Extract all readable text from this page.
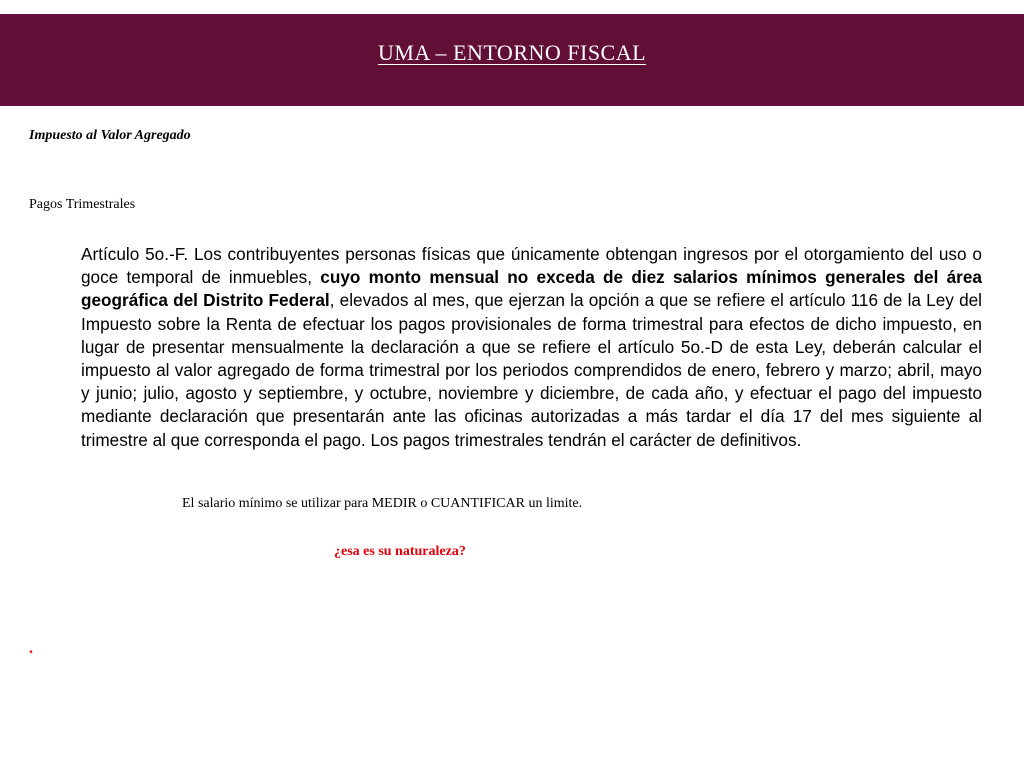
UMA – ENTORNO FISCAL
Impuesto al Valor Agregado
Pagos Trimestrales

Artículo 5o.-F. Los contribuyentes personas físicas que únicamente obtengan ingresos por el otorgamiento del uso o goce temporal de inmuebles, cuyo monto mensual no exceda de diez salarios mínimos generales del área geográfica del Distrito Federal, elevados al mes, que ejerzan la opción a que se refiere el artículo 116 de la Ley del Impuesto sobre la Renta de efectuar los pagos provisionales de forma trimestral para efectos de dicho impuesto, en lugar de presentar mensualmente la declaración a que se refiere el artículo 5o.-D de esta Ley, deberán calcular el impuesto al valor agregado de forma trimestral por los periodos comprendidos de enero, febrero y marzo; abril, mayo y junio; julio, agosto y septiembre, y octubre, noviembre y diciembre, de cada año, y efectuar el pago del impuesto mediante declaración que presentarán ante las oficinas autorizadas a más tardar el día 17 del mes siguiente al trimestre al que corresponda el pago. Los pagos trimestrales tendrán el carácter de definitivos.

El salario mínimo se utilizar para MEDIR o CUANTIFICAR un limite.
¿esa es su naturaleza?
.
